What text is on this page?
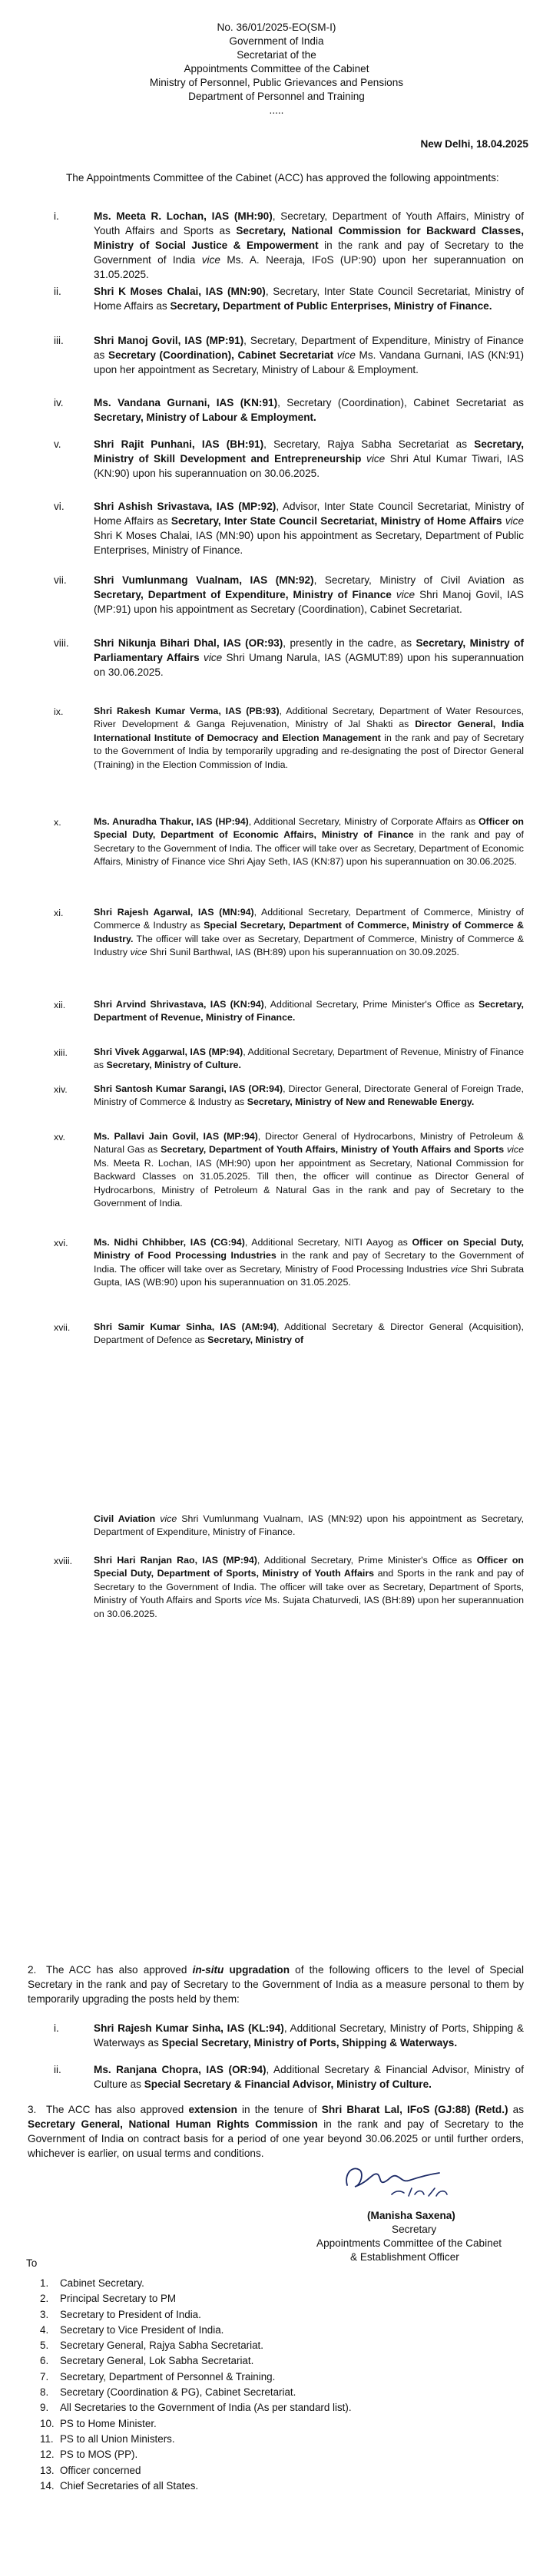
No. 36/01/2025-EO(SM-I)
Government of India
Secretariat of the
Appointments Committee of the Cabinet
Ministry of Personnel, Public Grievances and Pensions
Department of Personnel and Training
.....
New Delhi, 18.04.2025
The Appointments Committee of the Cabinet (ACC) has approved the following appointments:
i.	Ms. Meeta R. Lochan, IAS (MH:90), Secretary, Department of Youth Affairs, Ministry of Youth Affairs and Sports as Secretary, National Commission for Backward Classes, Ministry of Social Justice & Empowerment in the rank and pay of Secretary to the Government of India vice Ms. A. Neeraja, IFoS (UP:90) upon her superannuation on 31.05.2025.
ii.	Shri K Moses Chalai, IAS (MN:90), Secretary, Inter State Council Secretariat, Ministry of Home Affairs as Secretary, Department of Public Enterprises, Ministry of Finance.
iii.	Shri Manoj Govil, IAS (MP:91), Secretary, Department of Expenditure, Ministry of Finance as Secretary (Coordination), Cabinet Secretariat vice Ms. Vandana Gurnani, IAS (KN:91) upon her appointment as Secretary, Ministry of Labour & Employment.
iv.	Ms. Vandana Gurnani, IAS (KN:91), Secretary (Coordination), Cabinet Secretariat as Secretary, Ministry of Labour & Employment.
v.	Shri Rajit Punhani, IAS (BH:91), Secretary, Rajya Sabha Secretariat as Secretary, Ministry of Skill Development and Entrepreneurship vice Shri Atul Kumar Tiwari, IAS (KN:90) upon his superannuation on 30.06.2025.
vi.	Shri Ashish Srivastava, IAS (MP:92), Advisor, Inter State Council Secretariat, Ministry of Home Affairs as Secretary, Inter State Council Secretariat, Ministry of Home Affairs vice Shri K Moses Chalai, IAS (MN:90) upon his appointment as Secretary, Department of Public Enterprises, Ministry of Finance.
vii.	Shri Vumlunmang Vualnam, IAS (MN:92), Secretary, Ministry of Civil Aviation as Secretary, Department of Expenditure, Ministry of Finance vice Shri Manoj Govil, IAS (MP:91) upon his appointment as Secretary (Coordination), Cabinet Secretariat.
viii.	Shri Nikunja Bihari Dhal, IAS (OR:93), presently in the cadre, as Secretary, Ministry of Parliamentary Affairs vice Shri Umang Narula, IAS (AGMUT:89) upon his superannuation on 30.06.2025.
ix.	Shri Rakesh Kumar Verma, IAS (PB:93), Additional Secretary, Department of Water Resources, River Development & Ganga Rejuvenation, Ministry of Jal Shakti as Director General, India International Institute of Democracy and Election Management in the rank and pay of Secretary to the Government of India by temporarily upgrading and re-designating the post of Director General (Training) in the Election Commission of India.
x.	Ms. Anuradha Thakur, IAS (HP:94), Additional Secretary, Ministry of Corporate Affairs as Officer on Special Duty, Department of Economic Affairs, Ministry of Finance in the rank and pay of Secretary to the Government of India. The officer will take over as Secretary, Department of Economic Affairs, Ministry of Finance vice Shri Ajay Seth, IAS (KN:87) upon his superannuation on 30.06.2025.
xi.	Shri Rajesh Agarwal, IAS (MN:94), Additional Secretary, Department of Commerce, Ministry of Commerce & Industry as Special Secretary, Department of Commerce, Ministry of Commerce & Industry. The officer will take over as Secretary, Department of Commerce, Ministry of Commerce & Industry vice Shri Sunil Barthwal, IAS (BH:89) upon his superannuation on 30.09.2025.
xii.	Shri Arvind Shrivastava, IAS (KN:94), Additional Secretary, Prime Minister's Office as Secretary, Department of Revenue, Ministry of Finance.
xiii.	Shri Vivek Aggarwal, IAS (MP:94), Additional Secretary, Department of Revenue, Ministry of Finance as Secretary, Ministry of Culture.
xiv.	Shri Santosh Kumar Sarangi, IAS (OR:94), Director General, Directorate General of Foreign Trade, Ministry of Commerce & Industry as Secretary, Ministry of New and Renewable Energy.
xv.	Ms. Pallavi Jain Govil, IAS (MP:94), Director General of Hydrocarbons, Ministry of Petroleum & Natural Gas as Secretary, Department of Youth Affairs, Ministry of Youth Affairs and Sports vice Ms. Meeta R. Lochan, IAS (MH:90) upon her appointment as Secretary, National Commission for Backward Classes on 31.05.2025. Till then, the officer will continue as Director General of Hydrocarbons, Ministry of Petroleum & Natural Gas in the rank and pay of Secretary to the Government of India.
xvi.	Ms. Nidhi Chhibber, IAS (CG:94), Additional Secretary, NITI Aayog as Officer on Special Duty, Ministry of Food Processing Industries in the rank and pay of Secretary to the Government of India. The officer will take over as Secretary, Ministry of Food Processing Industries vice Shri Subrata Gupta, IAS (WB:90) upon his superannuation on 31.05.2025.
xvii.	Shri Samir Kumar Sinha, IAS (AM:94), Additional Secretary & Director General (Acquisition), Department of Defence as Secretary, Ministry of
Civil Aviation vice Shri Vumlunmang Vualnam, IAS (MN:92) upon his appointment as Secretary, Department of Expenditure, Ministry of Finance.
xviii.	Shri Hari Ranjan Rao, IAS (MP:94), Additional Secretary, Prime Minister's Office as Officer on Special Duty, Department of Sports, Ministry of Youth Affairs and Sports in the rank and pay of Secretary to the Government of India. The officer will take over as Secretary, Department of Sports, Ministry of Youth Affairs and Sports vice Ms. Sujata Chaturvedi, IAS (BH:89) upon her superannuation on 30.06.2025.
2. The ACC has also approved in-situ upgradation of the following officers to the level of Special Secretary in the rank and pay of Secretary to the Government of India as a measure personal to them by temporarily upgrading the posts held by them:
i.	Shri Rajesh Kumar Sinha, IAS (KL:94), Additional Secretary, Ministry of Ports, Shipping & Waterways as Special Secretary, Ministry of Ports, Shipping & Waterways.
ii.	Ms. Ranjana Chopra, IAS (OR:94), Additional Secretary & Financial Advisor, Ministry of Culture as Special Secretary & Financial Advisor, Ministry of Culture.
3. The ACC has also approved extension in the tenure of Shri Bharat Lal, IFoS (GJ:88) (Retd.) as Secretary General, National Human Rights Commission in the rank and pay of Secretary to the Government of India on contract basis for a period of one year beyond 30.06.2025 or until further orders, whichever is earlier, on usual terms and conditions.
(Manisha Saxena)
Secretary
Appointments Committee of the Cabinet
& Establishment Officer
To
1. Cabinet Secretary.
2. Principal Secretary to PM
3. Secretary to President of India.
4. Secretary to Vice President of India.
5. Secretary General, Rajya Sabha Secretariat.
6. Secretary General, Lok Sabha Secretariat.
7. Secretary, Department of Personnel & Training.
8. Secretary (Coordination & PG), Cabinet Secretariat.
9. All Secretaries to the Government of India (As per standard list).
10. PS to Home Minister.
11. PS to all Union Ministers.
12. PS to MOS (PP).
13. Officer concerned
14. Chief Secretaries of all States.
